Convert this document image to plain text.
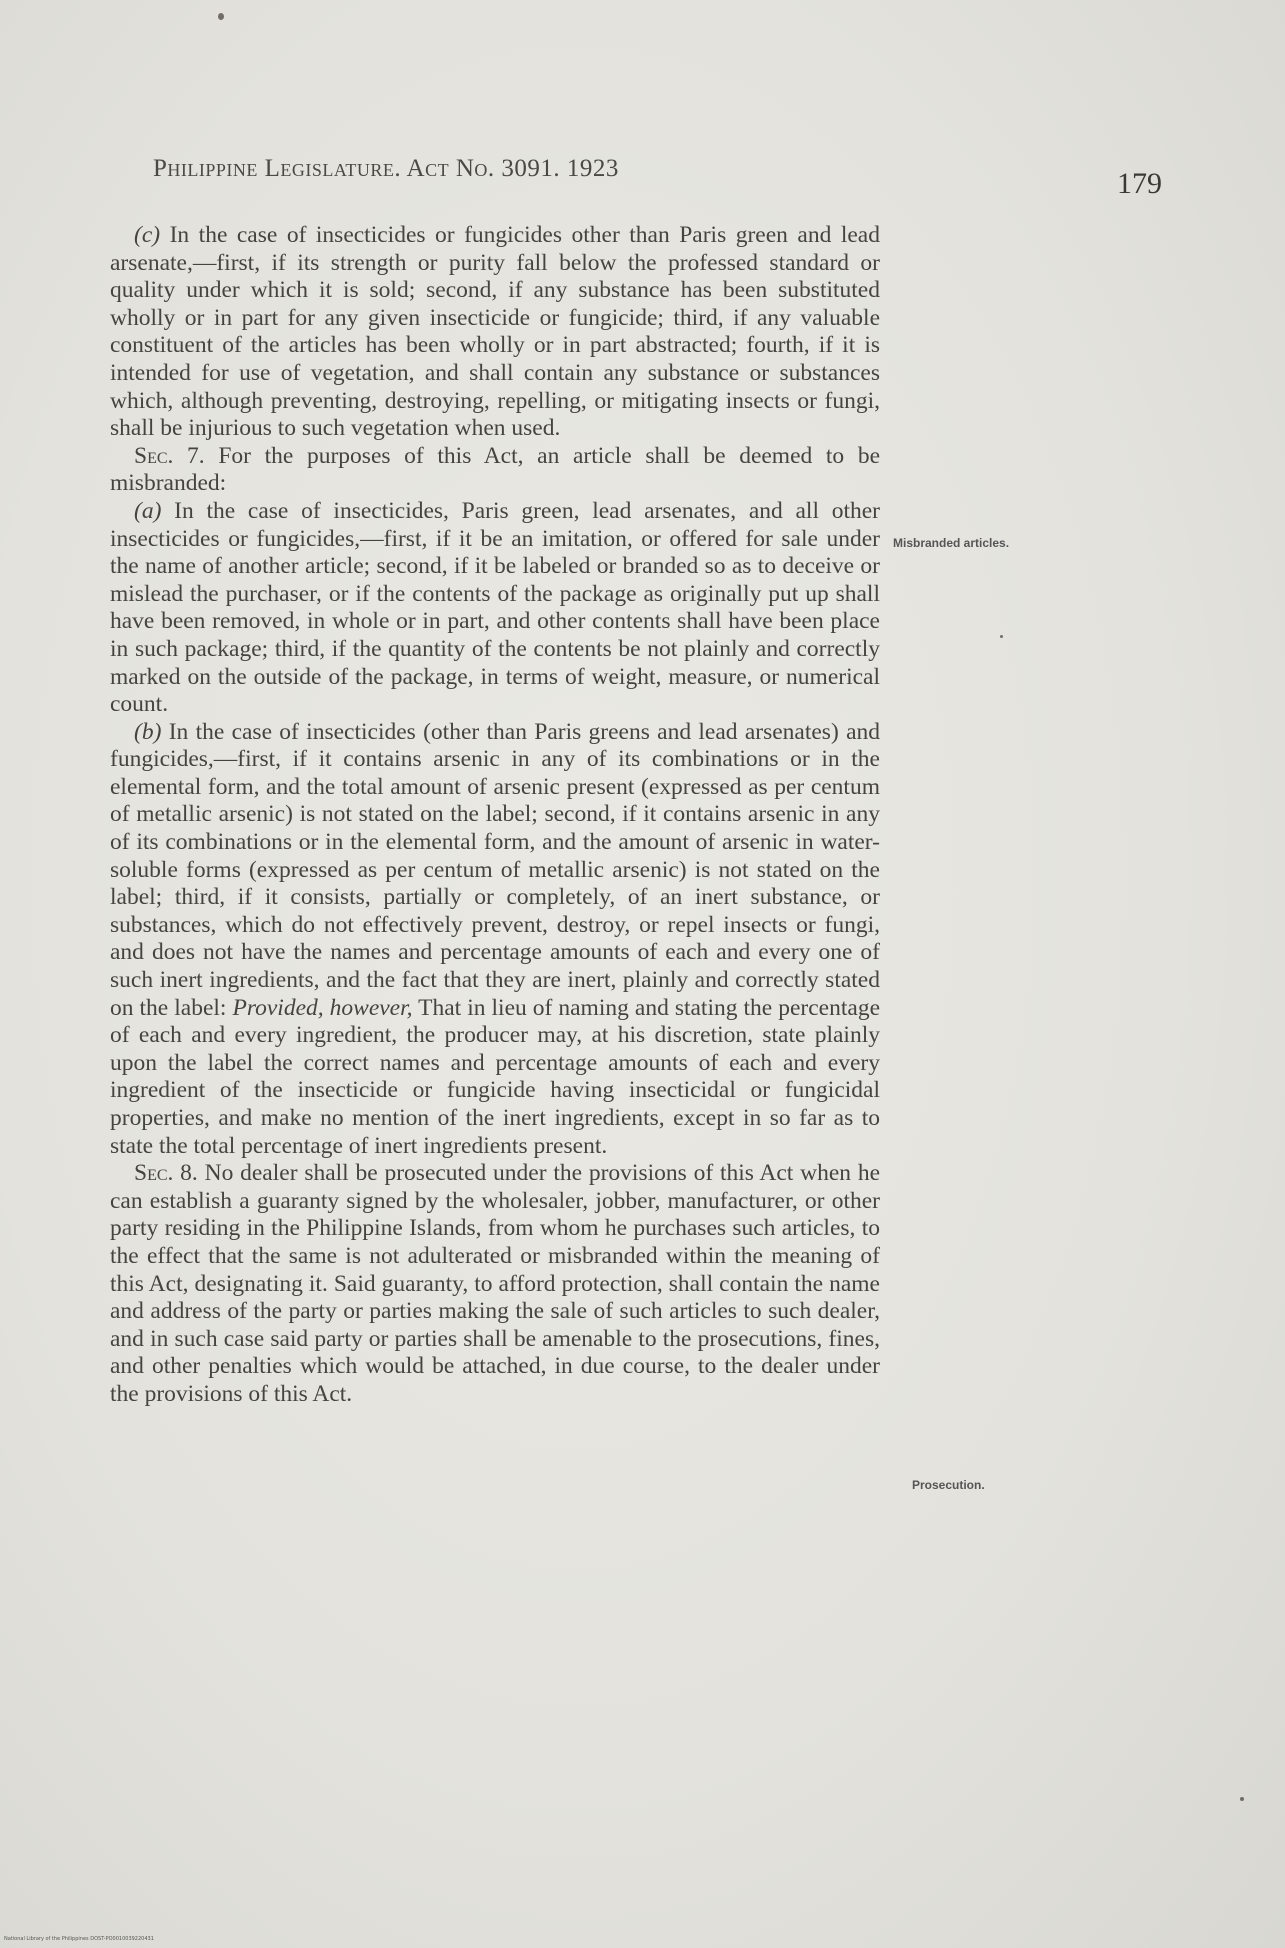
Philippine Legislature. Act No. 3091. 1923	179

(c) In the case of insecticides or fungicides other than Paris green and lead arsenate,—first, if its strength or purity fall below the professed standard or quality under which it is sold; second, if any substance has been substituted wholly or in part for any given insecticide or fungicide; third, if any valuable constituent of the articles has been wholly or in part abstracted; fourth, if it is intended for use of vegetation, and shall contain any substance or substances which, although preventing, destroying, repelling, or mitigating insects or fungi, shall be injurious to such vegetation when used.

Sec. 7. For the purposes of this Act, an article shall be deemed to be misbranded:

(a) In the case of insecticides, Paris green, lead arsenates, and all other insecticides or fungicides,—first, if it be an imitation, or offered for sale under the name of another article; second, if it be labeled or branded so as to deceive or mislead the purchaser, or if the contents of the package as originally put up shall have been removed, in whole or in part, and other contents shall have been place in such package; third, if the quantity of the contents be not plainly and correctly marked on the outside of the package, in terms of weight, measure, or numerical count.

(b) In the case of insecticides (other than Paris greens and lead arsenates) and fungicides,—first, if it contains arsenic in any of its combinations or in the elemental form, and the total amount of arsenic present (expressed as per centum of metallic arsenic) is not stated on the label; second, if it contains arsenic in any of its combinations or in the elemental form, and the amount of arsenic in water-soluble forms (expressed as per centum of metallic arsenic) is not stated on the label; third, if it consists, partially or completely, of an inert substance, or substances, which do not effectively prevent, destroy, or repel insects or fungi, and does not have the names and percentage amounts of each and every one of such inert ingredients, and the fact that they are inert, plainly and correctly stated on the label: Provided, however, That in lieu of naming and stating the percentage of each and every ingredient, the producer may, at his discretion, state plainly upon the label the correct names and percentage amounts of each and every ingredient of the insecticide or fungicide having insecticidal or fungicidal properties, and make no mention of the inert ingredients, except in so far as to state the total percentage of inert ingredients present.

Sec. 8. No dealer shall be prosecuted under the provisions of this Act when he can establish a guaranty signed by the wholesaler, jobber, manufacturer, or other party residing in the Philippine Islands, from whom he purchases such articles, to the effect that the same is not adulterated or misbranded within the meaning of this Act, designating it. Said guaranty, to afford protection, shall contain the name and address of the party or parties making the sale of such articles to such dealer, and in such case said party or parties shall be amenable to the prosecutions, fines, and other penalties which would be attached, in due course, to the dealer under the provisions of this Act.

Misbranded articles.
Prosecution.
National Library of the Philippines DOST-PO0010039220431
